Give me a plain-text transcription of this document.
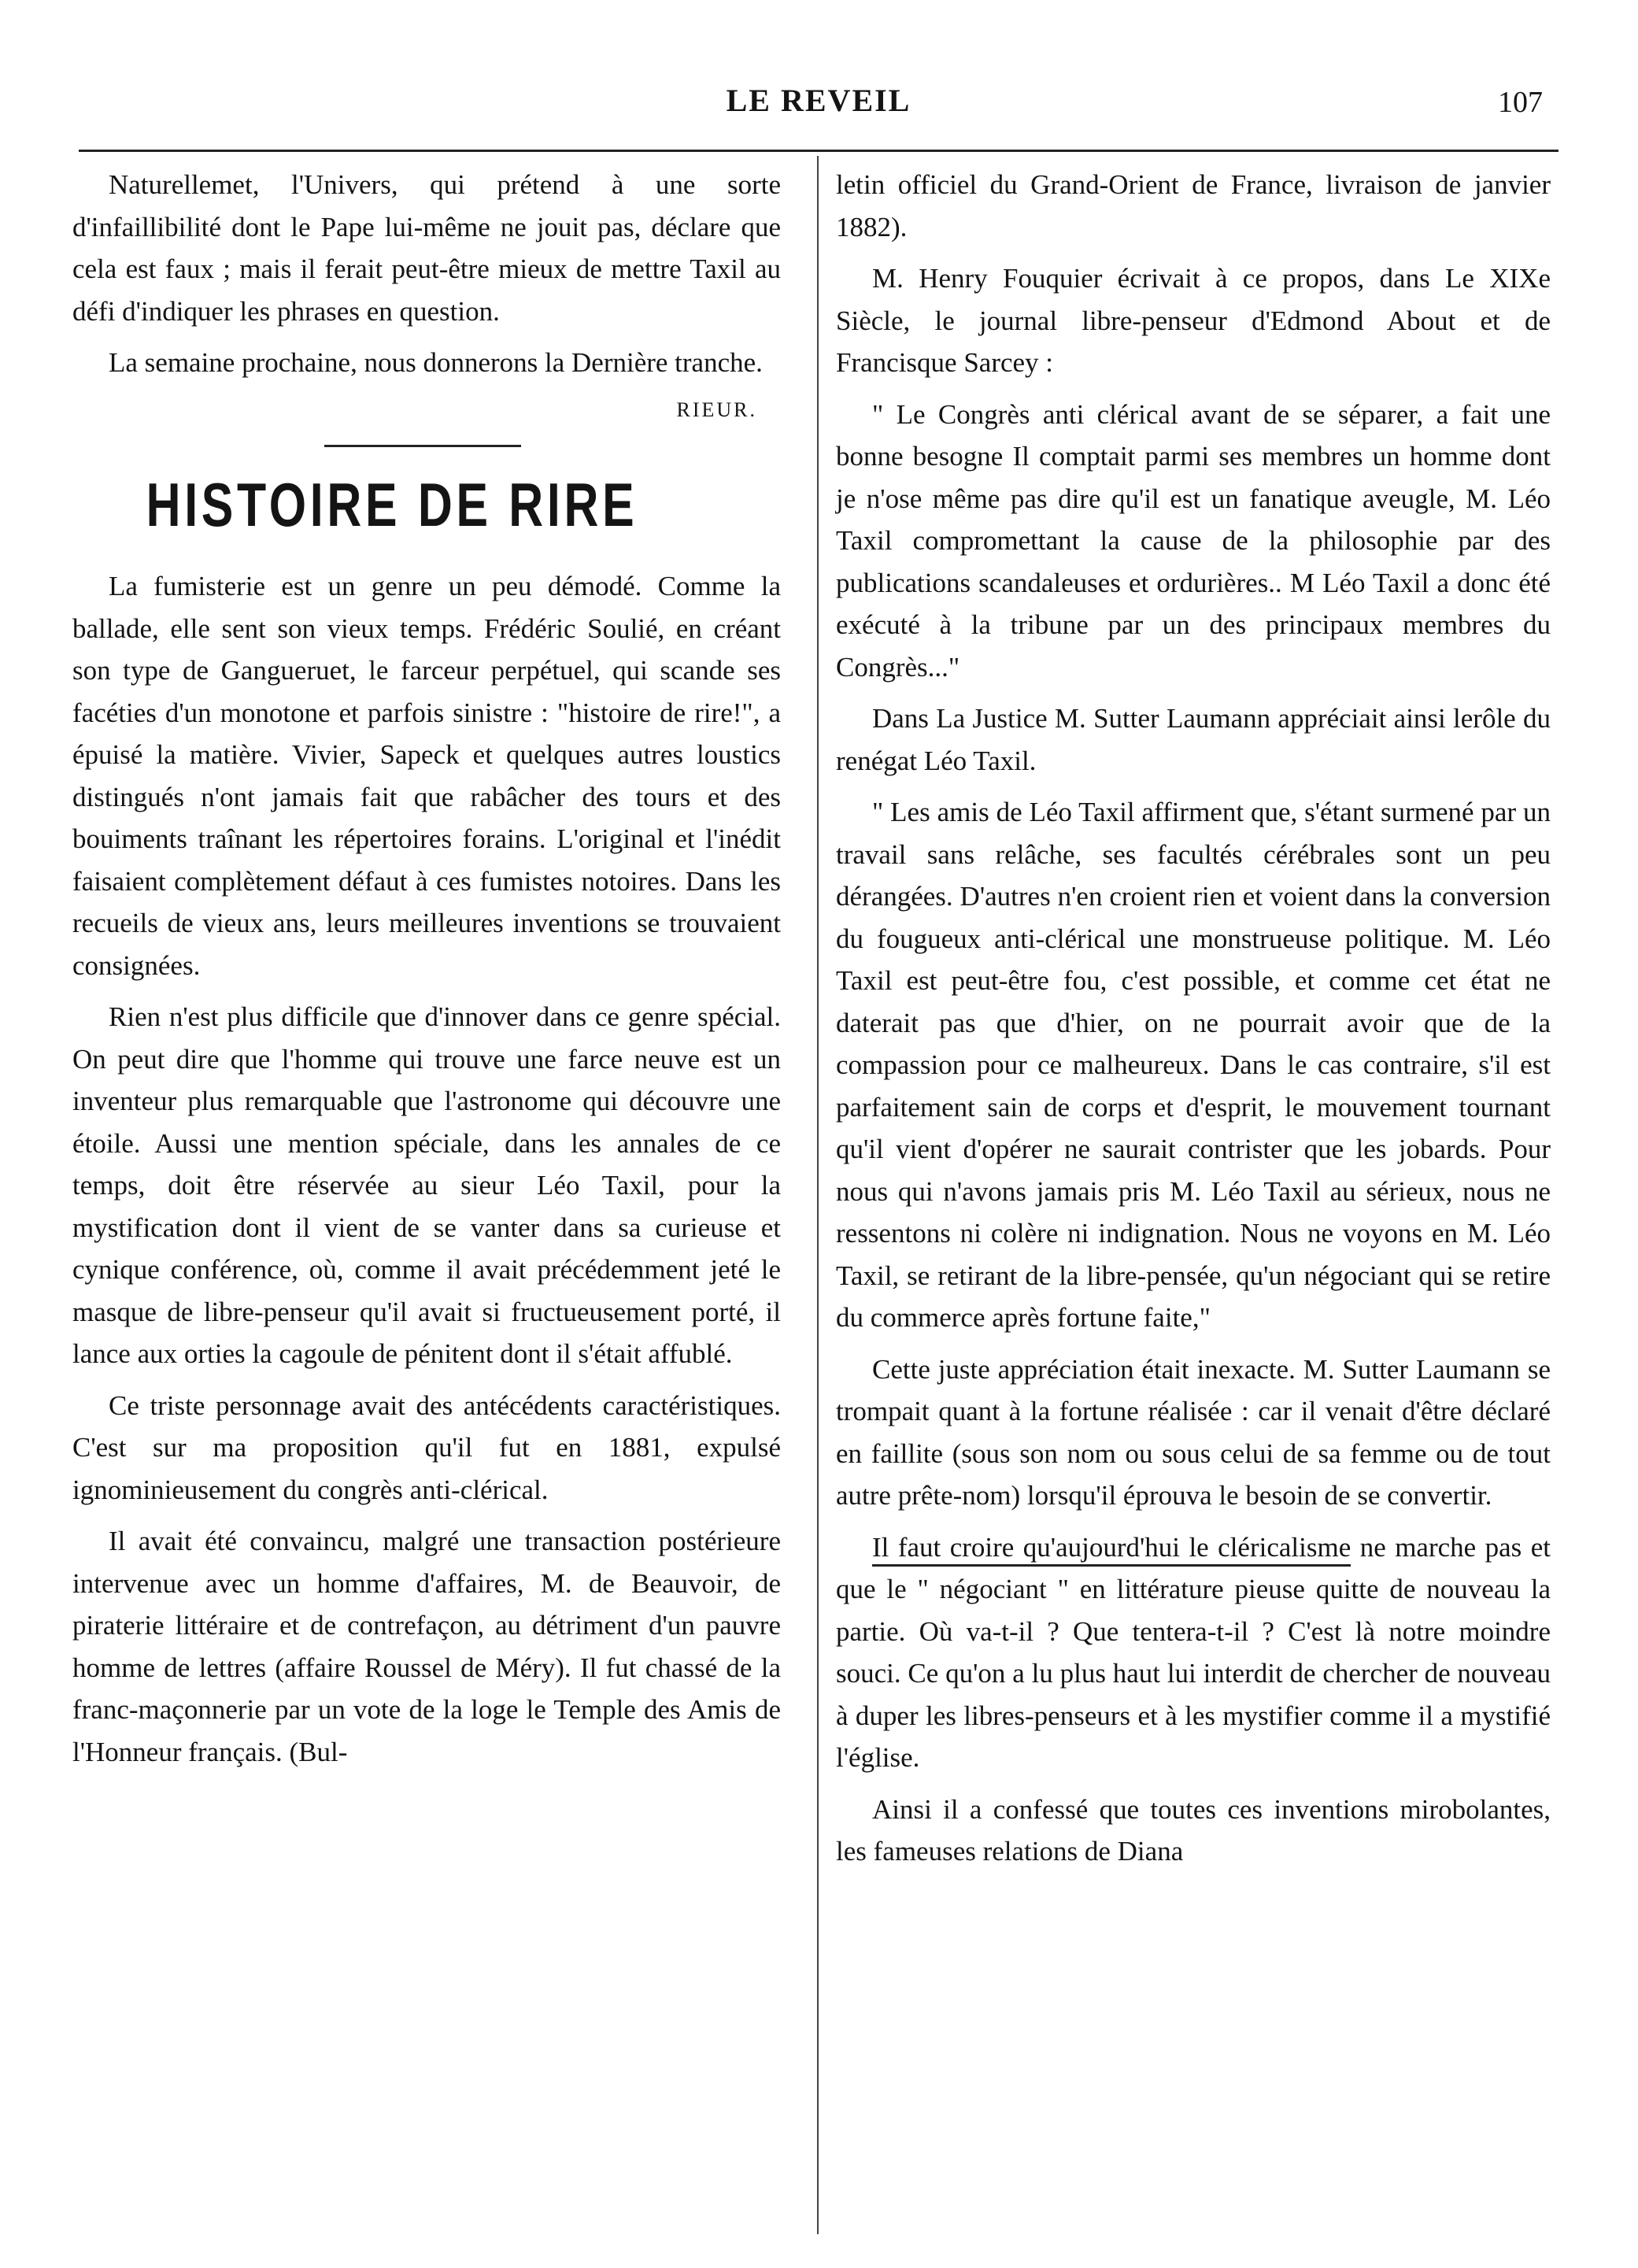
LE REVEIL	107

Naturellemet, l'Univers, qui prétend à une sorte d'infaillibilité dont le Pape lui-même ne jouit pas, déclare que cela est faux ; mais il ferait peut-être mieux de mettre Taxil au défi d'indiquer les phrases en question.

La semaine prochaine, nous donnerons la Dernière tranche.

RIEUR.
HISTOIRE DE RIRE

La fumisterie est un genre un peu démodé. Comme la ballade, elle sent son vieux temps. Frédéric Soulié, en créant son type de Gangueruet, le farceur perpétuel, qui scande ses facéties d'un monotone et parfois sinistre : "histoire de rire!", a épuisé la matière. Vivier, Sapeck et quelques autres loustics distingués n'ont jamais fait que rabâcher des tours et des bouiments traînant les répertoires forains. L'original et l'inédit faisaient complètement défaut à ces fumistes notoires. Dans les recueils de vieux ans, leurs meilleures inventions se trouvaient consignées.

Rien n'est plus difficile que d'innover dans ce genre spécial. On peut dire que l'homme qui trouve une farce neuve est un inventeur plus remarquable que l'astronome qui découvre une étoile. Aussi une mention spéciale, dans les annales de ce temps, doit être réservée au sieur Léo Taxil, pour la mystification dont il vient de se vanter dans sa curieuse et cynique conférence, où, comme il avait précédemment jeté le masque de libre-penseur qu'il avait si fructueusement porté, il lance aux orties la cagoule de pénitent dont il s'était affublé.

Ce triste personnage avait des antécédents caractéristiques. C'est sur ma proposition qu'il fut en 1881, expulsé ignominieusement du congrès anti-clérical.

Il avait été convaincu, malgré une transaction postérieure intervenue avec un homme d'affaires, M. de Beauvoir, de piraterie littéraire et de contrefaçon, au détriment d'un pauvre homme de lettres (affaire Roussel de Méry). Il fut chassé de la franc-maçonnerie par un vote de la loge le Temple des Amis de l'Honneur français. (Bul-

letin officiel du Grand-Orient de France, livraison de janvier 1882).

M. Henry Fouquier écrivait à ce propos, dans Le XIXe Siècle, le journal libre-penseur d'Edmond About et de Francisque Sarcey :

" Le Congrès anti clérical avant de se séparer, a fait une bonne besogne Il comptait parmi ses membres un homme dont je n'ose même pas dire qu'il est un fanatique aveugle, M. Léo Taxil compromettant la cause de la philosophie par des publications scandaleuses et ordurières.. M Léo Taxil a donc été exécuté à la tribune par un des principaux membres du Congrès..."

Dans La Justice M. Sutter Laumann appréciait ainsi lerôle du renégat Léo Taxil.

" Les amis de Léo Taxil affirment que, s'étant surmené par un travail sans relâche, ses facultés cérébrales sont un peu dérangées. D'autres n'en croient rien et voient dans la conversion du fougueux anti-clérical une monstrueuse politique. M. Léo Taxil est peut-être fou, c'est possible, et comme cet état ne daterait pas que d'hier, on ne pourrait avoir que de la compassion pour ce malheureux. Dans le cas contraire, s'il est parfaitement sain de corps et d'esprit, le mouvement tournant qu'il vient d'opérer ne saurait contrister que les jobards. Pour nous qui n'avons jamais pris M. Léo Taxil au sérieux, nous ne ressentons ni colère ni indignation. Nous ne voyons en M. Léo Taxil, se retirant de la libre-pensée, qu'un négociant qui se retire du commerce après fortune faite,"

Cette juste appréciation était inexacte. M. Sutter Laumann se trompait quant à la fortune réalisée : car il venait d'être déclaré en faillite (sous son nom ou sous celui de sa femme ou de tout autre prête-nom) lorsqu'il éprouva le besoin de se convertir.

Il faut croire qu'aujourd'hui le cléricalisme ne marche pas et que le " négociant " en littérature pieuse quitte de nouveau la partie. Où va-t-il ? Que tentera-t-il ? C'est là notre moindre souci. Ce qu'on a lu plus haut lui interdit de chercher de nouveau à duper les libres-penseurs et à les mystifier comme il a mystifié l'église.

Ainsi il a confessé que toutes ces inventions mirobolantes, les fameuses relations de Diana
